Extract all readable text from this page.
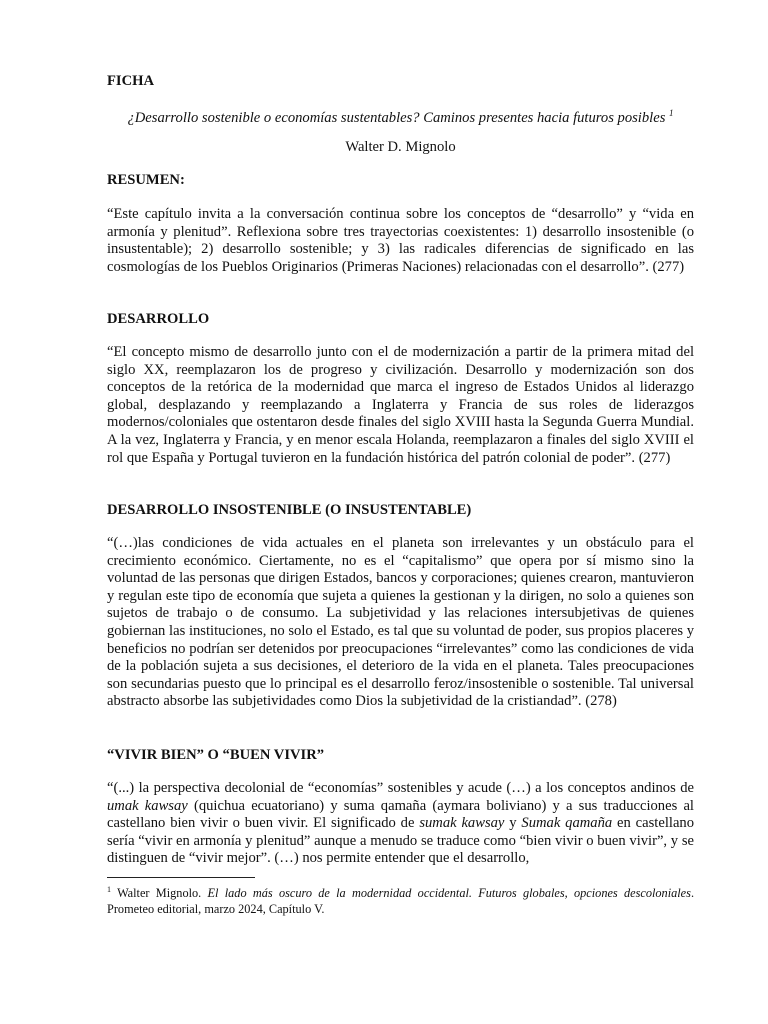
FICHA
¿Desarrollo sostenible o economías sustentables? Caminos presentes hacia futuros posibles $^1$
Walter D. Mignolo
RESUMEN:

“Este capítulo invita a la conversación continua sobre los conceptos de “desarrollo” y “vida en armonía y plenitud”. Reflexiona sobre tres trayectorias coexistentes: 1) desarrollo insostenible (o insustentable); 2) desarrollo sostenible; y 3) las radicales diferencias de significado en las cosmologías de los Pueblos Originarios (Primeras Naciones) relacionadas con el desarrollo”. (277)

DESARROLLO

“El concepto mismo de desarrollo junto con el de modernización a partir de la primera mitad del siglo XX, reemplazaron los de progreso y civilización. Desarrollo y modernización son dos conceptos de la retórica de la modernidad que marca el ingreso de Estados Unidos al liderazgo global, desplazando y reemplazando a Inglaterra y Francia de sus roles de liderazgos modernos/coloniales que ostentaron desde finales del siglo XVIII hasta la Segunda Guerra Mundial. A la vez, Inglaterra y Francia, y en menor escala Holanda, reemplazaron a finales del siglo XVIII el rol que España y Portugal tuvieron en la fundación histórica del patrón colonial de poder”. (277)

DESARROLLO INSOSTENIBLE (O INSUSTENTABLE)

“(…)las condiciones de vida actuales en el planeta son irrelevantes y un obstáculo para el crecimiento económico. Ciertamente, no es el “capitalismo” que opera por sí mismo sino la voluntad de las personas que dirigen Estados, bancos y corporaciones; quienes crearon, mantuvieron y regulan este tipo de economía que sujeta a quienes la gestionan y la dirigen, no solo a quienes son sujetos de trabajo o de consumo. La subjetividad y las relaciones intersubjetivas de quienes gobiernan las instituciones, no solo el Estado, es tal que su voluntad de poder, sus propios placeres y beneficios no podrían ser detenidos por preocupaciones “irrelevantes” como las condiciones de vida de la población sujeta a sus decisiones, el deterioro de la vida en el planeta. Tales preocupaciones son secundarias puesto que lo principal es el desarrollo feroz/insostenible o sostenible. Tal universal abstracto absorbe las subjetividades como Dios la subjetividad de la cristiandad”. (278)

“VIVIR BIEN” O “BUEN VIVIR”

“(...) la perspectiva decolonial de “economías” sostenibles y acude (…) a los conceptos andinos de umak kawsay (quichua ecuatoriano) y suma qamaña (aymara boliviano) y a sus traducciones al castellano bien vivir o buen vivir. El significado de sumak kawsay y Sumak qamaña en castellano sería “vivir en armonía y plenitud” aunque a menudo se traduce como “bien vivir o buen vivir”, y se distinguen de “vivir mejor”. (…) nos permite entender que el desarrollo,

$^1$ Walter Mignolo. El lado más oscuro de la modernidad occidental. Futuros globales, opciones descoloniales. Prometeo editorial, marzo 2024, Capítulo V.
